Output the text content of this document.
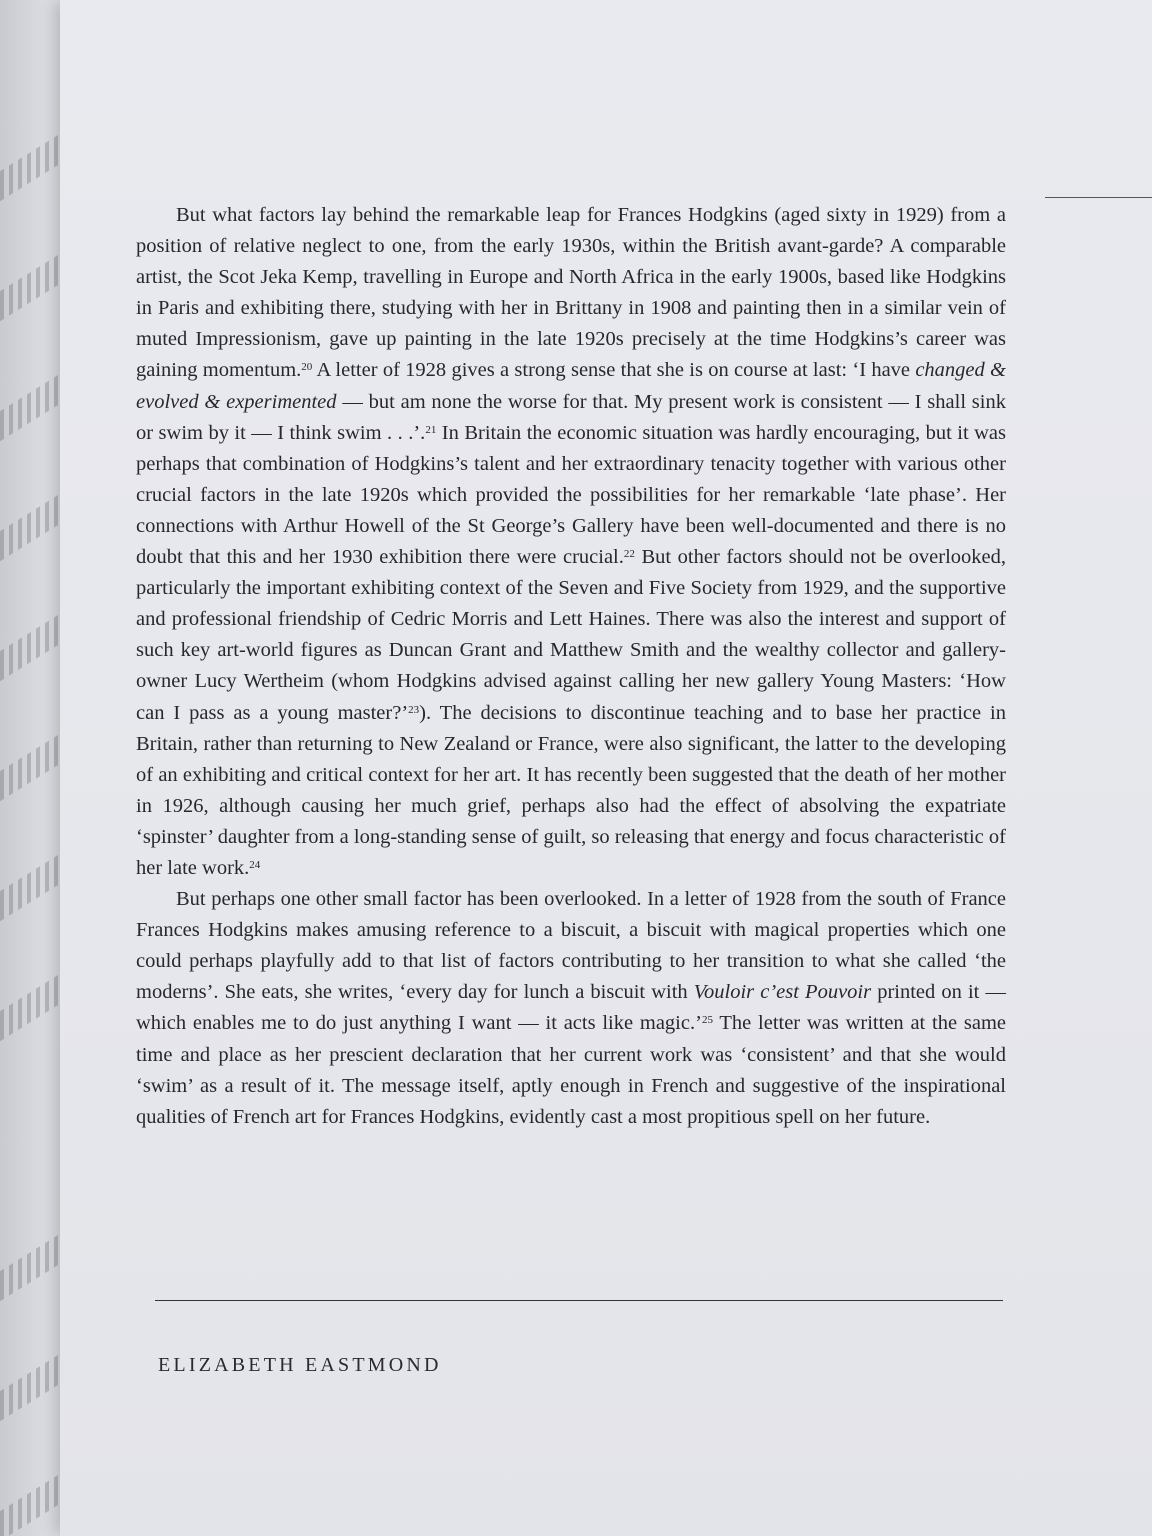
But what factors lay behind the remarkable leap for Frances Hodgkins (aged sixty in 1929) from a position of relative neglect to one, from the early 1930s, within the British avant-garde? A comparable artist, the Scot Jeka Kemp, travelling in Europe and North Africa in the early 1900s, based like Hodgkins in Paris and exhibiting there, studying with her in Brittany in 1908 and painting then in a similar vein of muted Impressionism, gave up painting in the late 1920s precisely at the time Hodgkins’s career was gaining momentum.$^{20}$ A letter of 1928 gives a strong sense that she is on course at last: ‘I have changed & evolved & experimented — but am none the worse for that. My present work is consistent — I shall sink or swim by it — I think swim . . .’.$^{21}$ In Britain the economic situation was hardly encouraging, but it was perhaps that combination of Hodgkins’s talent and her extraordinary tenacity together with various other crucial factors in the late 1920s which provided the possibilities for her remarkable ‘late phase’. Her connections with Arthur Howell of the St George’s Gallery have been well-documented and there is no doubt that this and her 1930 exhibition there were crucial.$^{22}$ But other factors should not be overlooked, particularly the important exhibiting context of the Seven and Five Society from 1929, and the supportive and professional friendship of Cedric Morris and Lett Haines. There was also the interest and support of such key art-world figures as Duncan Grant and Matthew Smith and the wealthy collector and gallery-owner Lucy Wertheim (whom Hodgkins advised against calling her new gallery Young Masters: ‘How can I pass as a young master?’$^{23}$). The decisions to discontinue teaching and to base her practice in Britain, rather than returning to New Zealand or France, were also significant, the latter to the developing of an exhibiting and critical context for her art. It has recently been suggested that the death of her mother in 1926, although causing her much grief, perhaps also had the effect of absolving the expatriate ‘spinster’ daughter from a long-standing sense of guilt, so releasing that energy and focus characteristic of her late work.$^{24}$

But perhaps one other small factor has been overlooked. In a letter of 1928 from the south of France Frances Hodgkins makes amusing reference to a biscuit, a biscuit with magical properties which one could perhaps playfully add to that list of factors contributing to her transition to what she called ‘the moderns’. She eats, she writes, ‘every day for lunch a biscuit with Vouloir c’est Pouvoir printed on it — which enables me to do just anything I want — it acts like magic.’$^{25}$ The letter was written at the same time and place as her prescient declaration that her current work was ‘consistent’ and that she would ‘swim’ as a result of it. The message itself, aptly enough in French and suggestive of the inspirational qualities of French art for Frances Hodgkins, evidently cast a most propitious spell on her future.

ELIZABETH EASTMOND
